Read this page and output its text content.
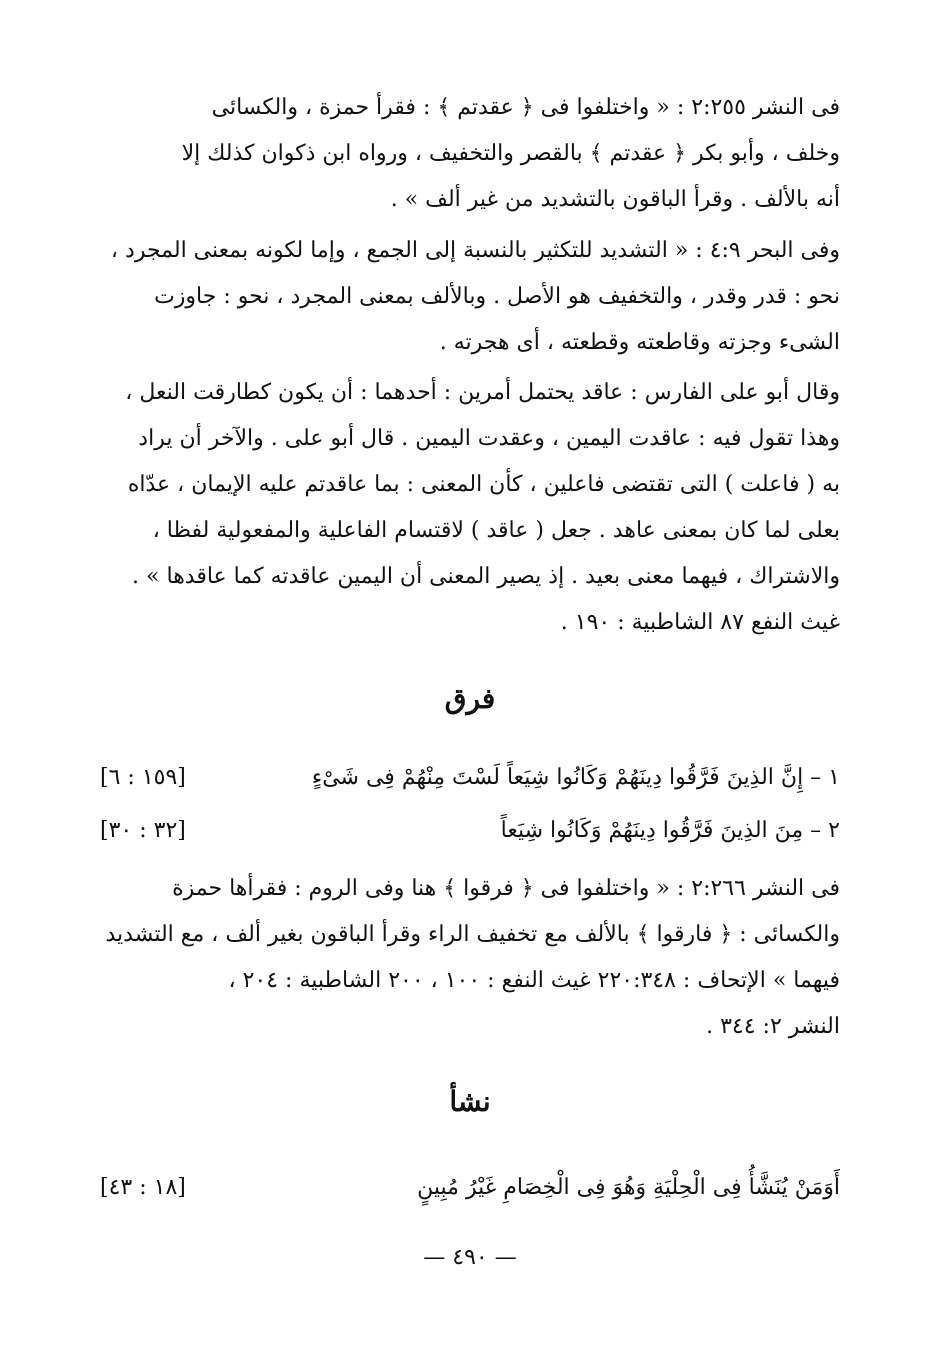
فى النشر ٢:٢٥٥ : « واختلفوا فى ﴿ عقدتم ﴾ : فقرأ حمزة ، والكسائى
وخلف ، وأبو بكر ﴿ عقدتم ﴾ بالقصر والتخفيف ، ورواه ابن ذكوان كذلك إلا
أنه بالألف . وقرأ الباقون بالتشديد من غير ألف » .
وفى البحر ٤:٩ : « التشديد للتكثير بالنسبة إلى الجمع ، وإما لكونه بمعنى المجرد ،
نحو : قدر وقدر ، والتخفيف هو الأصل . وبالألف بمعنى المجرد ، نحو : جاوزت
الشىء وجزته وقاطعته وقطعته ، أى هجرته .
وقال أبو على الفارس : عاقد يحتمل أمرين : أحدهما : أن يكون كطارقت النعل ،
وهذا تقول فيه : عاقدت اليمين ، وعقدت اليمين . قال أبو على . والآخر أن يراد
به ( فاعلت ) التى تقتضى فاعلين ، كأن المعنى : بما عاقدتم عليه الإيمان ، عدّاه
بعلى لما كان بمعنى عاهد . جعل ( عاقد ) لاقتسام الفاعلية والمفعولية لفظا ،
والاشتراك ، فيهما معنى بعيد . إذ يصير المعنى أن اليمين عاقدته كما عاقدها » .
غيث النفع ٨٧ الشاطبية : ١٩٠ .
فرق
١ – إِنَّ الذِينَ فَرَّقُوا دِينَهُمْ وَكَانُوا شِيَعاً لَسْتَ مِنْهُمْ فِى شَىْءٍ
[١٥٩ : ٦]
٢ – مِنَ الذِينَ فَرَّقُوا دِينَهُمْ وَكَانُوا شِيَعاً
[٣٢ : ٣٠]
فى النشر ٢:٢٦٦ : « واختلفوا فى ﴿ فرقوا ﴾ هنا وفى الروم : فقرأها حمزة
والكسائى : ﴿ فارقوا ﴾ بالألف مع تخفيف الراء وقرأ الباقون بغير ألف ، مع التشديد
فيهما » الإتحاف : ٢٢٠:٣٤٨ غيث النفع : ١٠٠ ، ٢٠٠ الشاطبية : ٢٠٤ ،
النشر ٢: ٣٤٤ .
نشأ
أَوَمَنْ يُنَشَّأُ فِى الْحِلْيَةِ وَهُوَ فِى الْخِصَامِ غَيْرُ مُبِينٍ
[١٨ : ٤٣]
— ٤٩٠ —
